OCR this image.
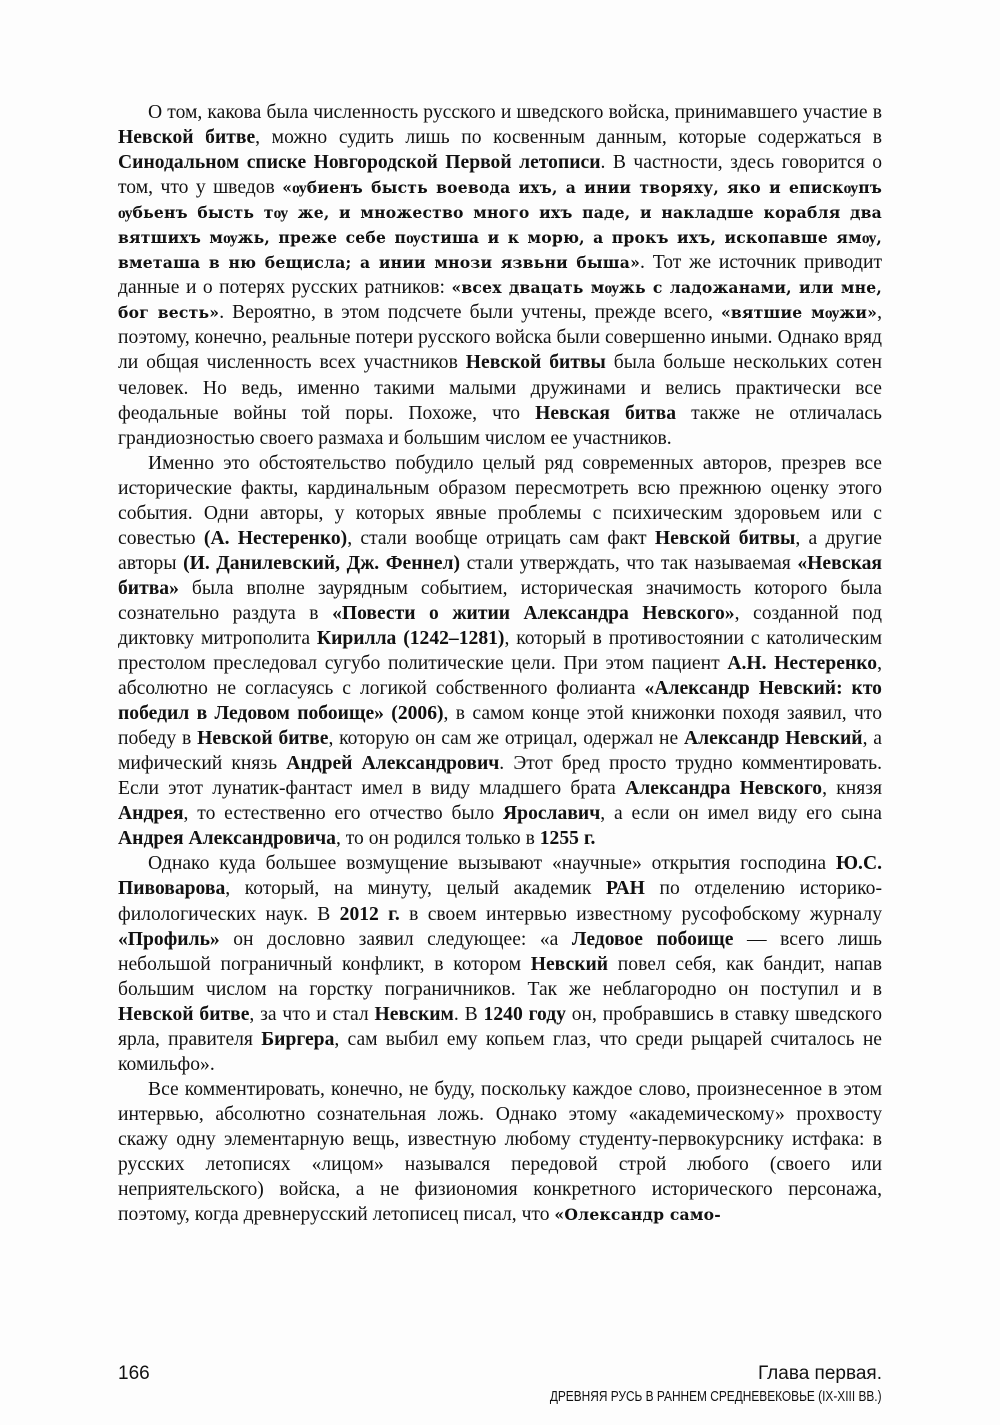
О том, какова была численность русского и шведского войска, принимавшего участие в Невской битве, можно судить лишь по косвенным данным, которые содержаться в Синодальном списке Новгородской Первой летописи. В частности, здесь говорится о том, что у шведов «ѹбиенъ бысть воевода ихъ, а инии творяху, яко и епискѹпъ ѹбьенъ бысть тѹ же, и множество много ихъ паде, и накладше корабля два вятшихъ мѹжь, преже себе пѹстиша и к морю, а прокъ ихъ, ископавше ямѹ, вметаша в ню бещисла; а инии мнози язвьни быша». Тот же источник приводит данные и о потерях русских ратников: «всех двацать мѹжь с ладожанами, или мне, бог весть». Вероятно, в этом подсчете были учтены, прежде всего, «вятшие мѹжи», поэтому, конечно, реальные потери русского войска были совершенно иными. Однако вряд ли общая численность всех участников Невской битвы была больше нескольких сотен человек. Но ведь, именно такими малыми дружинами и велись практически все феодальные войны той поры. Похоже, что Невская битва также не отличалась грандиозностью своего размаха и большим числом ее участников.

Именно это обстоятельство побудило целый ряд современных авторов, презрев все исторические факты, кардинальным образом пересмотреть всю прежнюю оценку этого события. Одни авторы, у которых явные проблемы с психическим здоровьем или с совестью (А. Нестеренко), стали вообще отрицать сам факт Невской битвы, а другие авторы (И. Данилевский, Дж. Феннел) стали утверждать, что так называемая «Невская битва» была вполне заурядным событием, историческая значимость которого была сознательно раздута в «Повести о житии Александра Невского», созданной под диктовку митрополита Кирилла (1242–1281), который в противостоянии с католическим престолом преследовал сугубо политические цели. При этом пациент А.Н. Нестеренко, абсолютно не согласуясь с логикой собственного фолианта «Александр Невский: кто победил в Ледовом побоище» (2006), в самом конце этой книжонки походя заявил, что победу в Невской битве, которую он сам же отрицал, одержал не Александр Невский, а мифический князь Андрей Александрович. Этот бред просто трудно комментировать. Если этот лунатик-фантаст имел в виду младшего брата Александра Невского, князя Андрея, то естественно его отчество было Ярославич, а если он имел виду его сына Андрея Александровича, то он родился только в 1255 г.

Однако куда большее возмущение вызывают «научные» открытия господина Ю.С. Пивоварова, который, на минуту, целый академик РАН по отделению историко-филологических наук. В 2012 г. в своем интервью известному русофобскому журналу «Профиль» он дословно заявил следующее: «а Ледовое побоище — всего лишь небольшой пограничный конфликт, в котором Невский повел себя, как бандит, напав большим числом на горстку пограничников. Так же неблагородно он поступил и в Невской битве, за что и стал Невским. В 1240 году он, пробравшись в ставку шведского ярла, правителя Биргера, сам выбил ему копьем глаз, что среди рыцарей считалось не комильфо».

Все комментировать, конечно, не буду, поскольку каждое слово, произнесенное в этом интервью, абсолютно сознательная ложь. Однако этому «академическому» прохвосту скажу одну элементарную вещь, известную любому студенту-первокурснику истфака: в русских летописях «лицом» назывался передовой строй любого (своего или неприятельского) войска, а не физиономия конкретного исторического персонажа, поэтому, когда древнерусский летописец писал, что «Олександр само-

166	Глава первая.
ДРЕВНЯЯ РУСЬ В РАННЕМ СРЕДНЕВЕКОВЬЕ (IX-XIII ВВ.)
